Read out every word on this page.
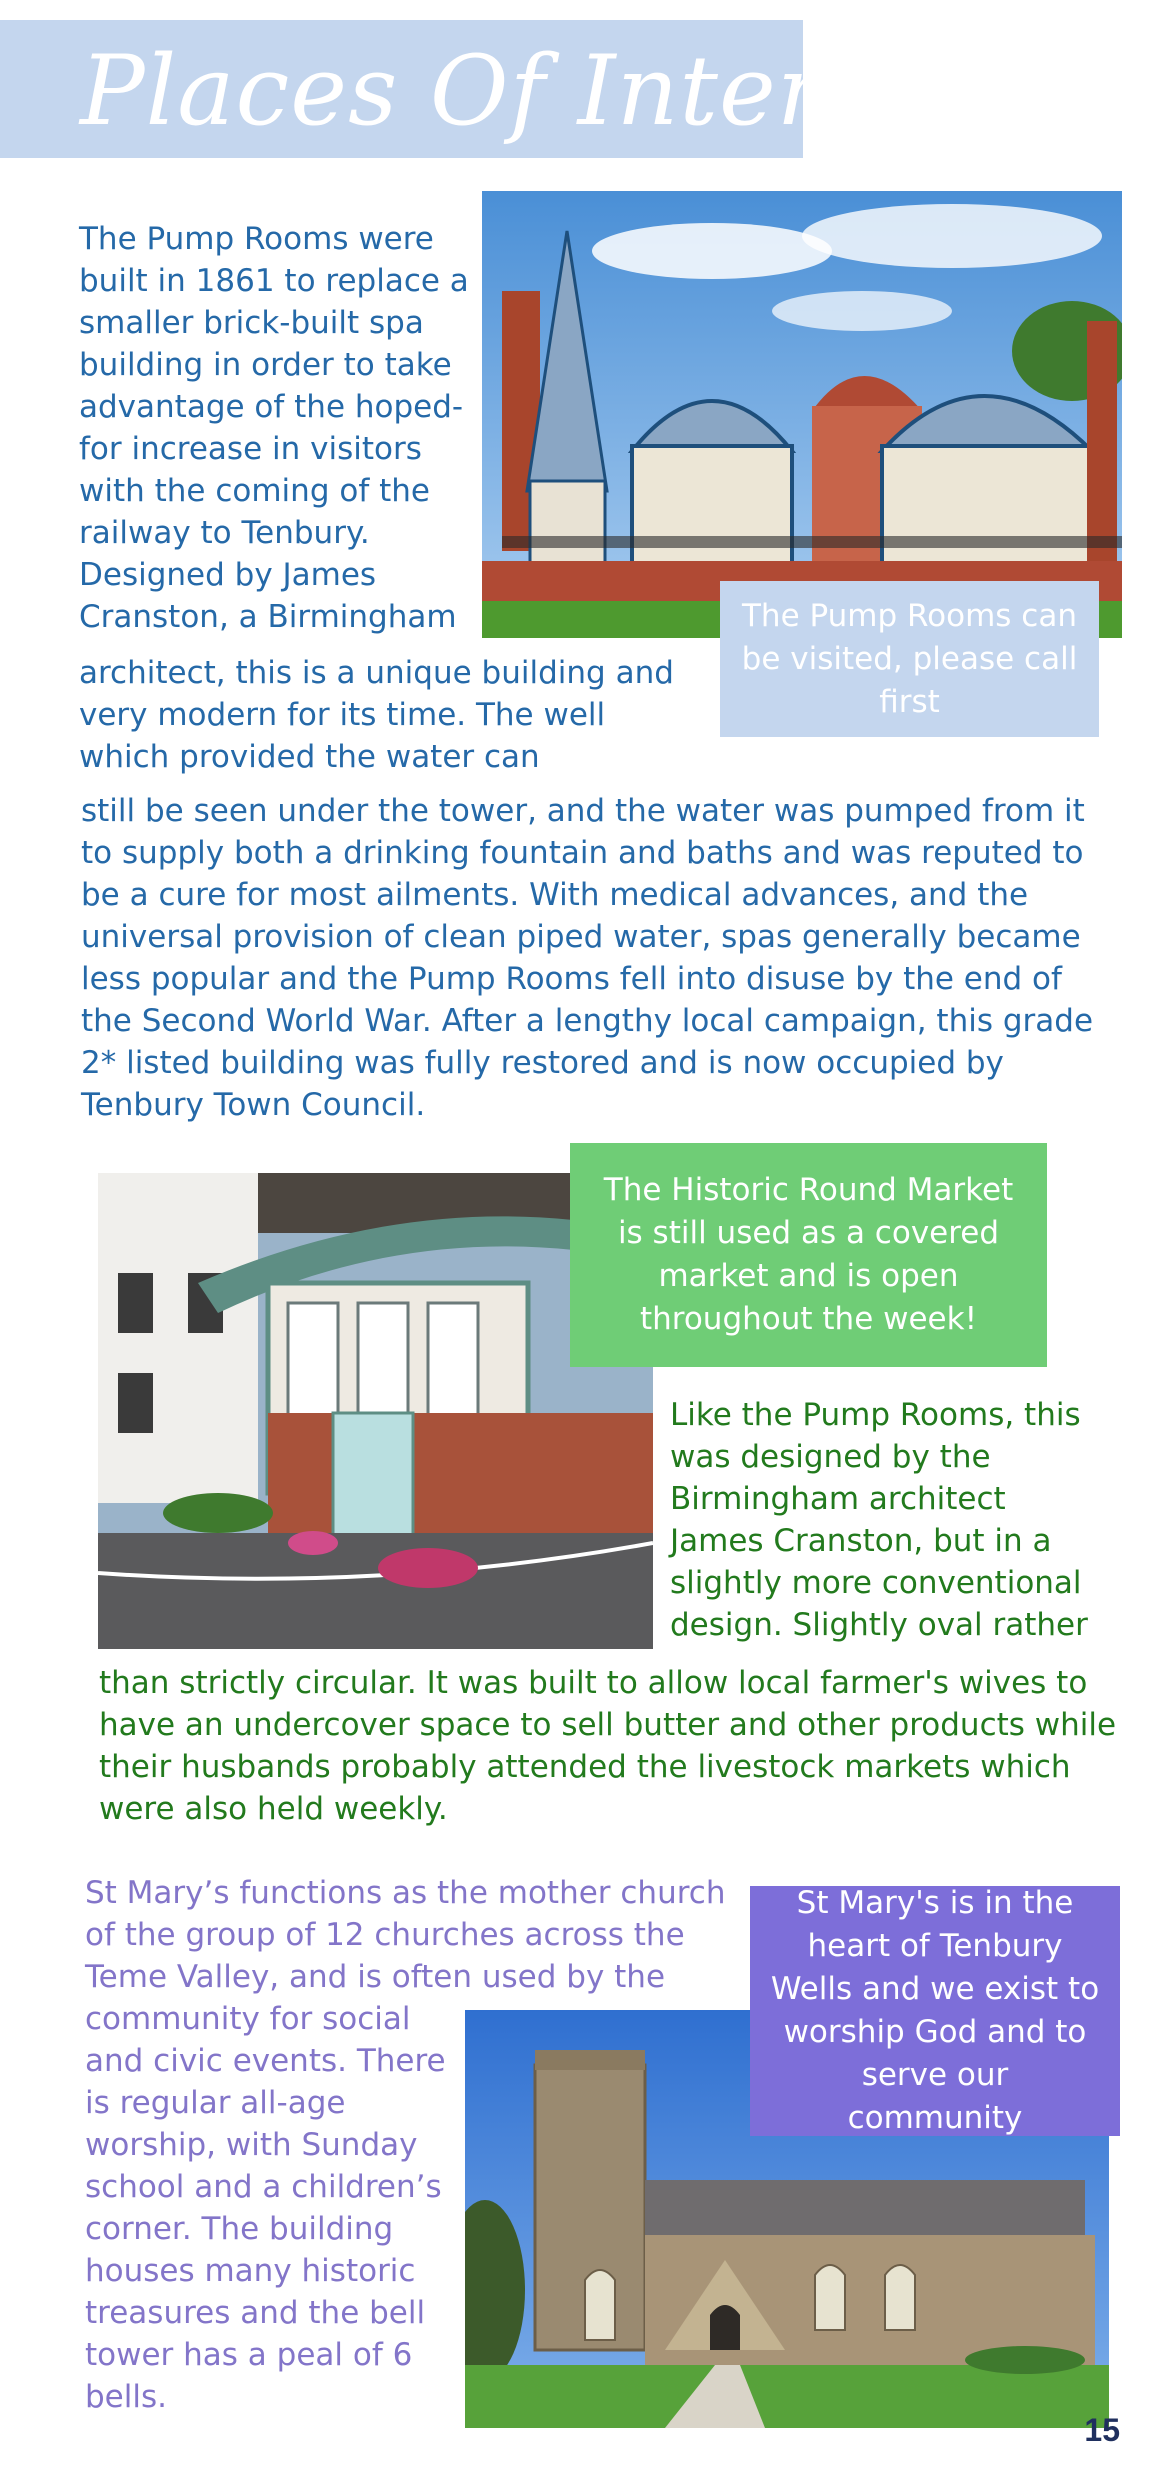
Places Of Interest

The Pump Rooms were built in 1861 to replace a smaller brick-built spa building in order to take advantage of the hoped-for increase in visitors with the coming of the railway to Tenbury. Designed by James Cranston, a Birmingham

architect, this is a unique building and very modern for its time. The well which provided the water can

still be seen under the tower, and the water was pumped from it to supply both a drinking fountain and baths and was reputed to be a cure for most ailments. With medical advances, and the universal provision of clean piped water, spas generally became less popular and the Pump Rooms fell into disuse by the end of the Second World War. After a lengthy local campaign, this grade 2* listed building was fully restored and is now occupied by Tenbury Town Council.

The Pump Rooms can be visited, please call first
The Historic Round Market is still used as a covered market and is open throughout the week!

Like the Pump Rooms, this was designed by the Birmingham architect James Cranston, but in a slightly more conventional design. Slightly oval rather

than strictly circular. It was built to allow local farmer's wives to have an undercover space to sell butter and other products while their husbands probably attended the livestock markets which were also held weekly.

St Mary’s functions as the mother church of the group of 12 churches across the Teme Valley, and is often used by the

community for social and civic events. There is regular all-age worship, with Sunday school and a children’s corner. The building houses many historic treasures and the bell tower has a peal of 6 bells.

St Mary's is in the heart of Tenbury Wells and we exist to worship God and to serve our community
15
